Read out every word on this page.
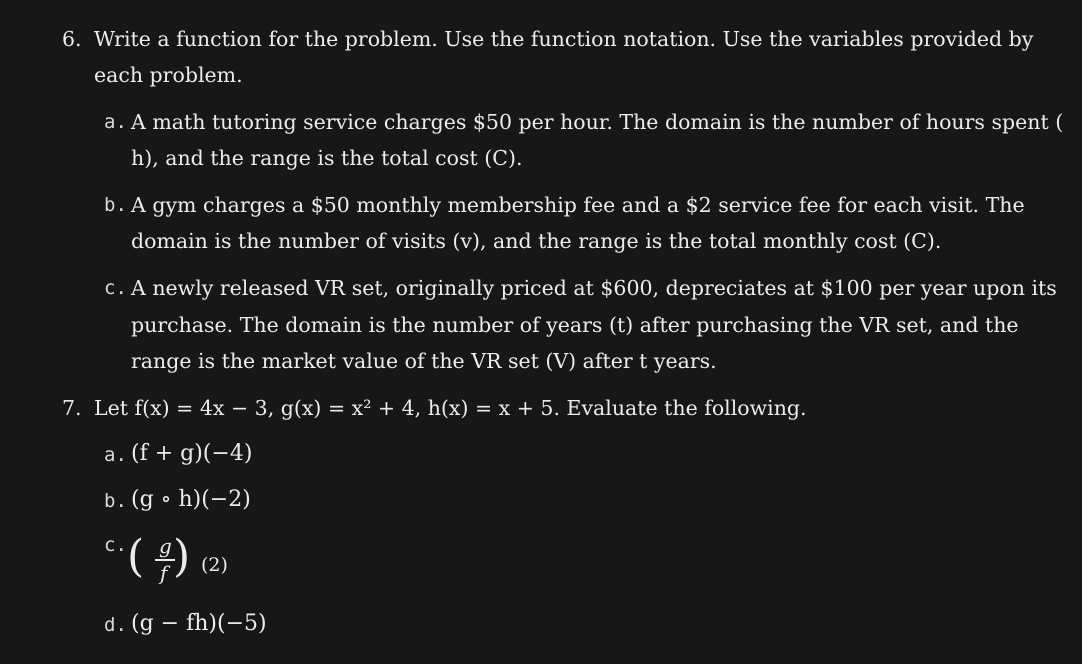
6. Write a function for the problem. Use the function notation. Use the variables provided by
each problem.
a. A math tutoring service charges $50 per hour. The domain is the number of hours spent (
h), and the range is the total cost (C).
b. A gym charges a $50 monthly membership fee and a $2 service fee for each visit. The
domain is the number of visits (v), and the range is the total monthly cost (C).
c. A newly released VR set, originally priced at $600, depreciates at $100 per year upon its
purchase. The domain is the number of years (t) after purchasing the VR set, and the
range is the market value of the VR set (V) after t years.
7. Let f(x) = 4x − 3, g(x) = x² + 4, h(x) = x + 5. Evaluate the following.
a. (f + g)(−4)
b. (g ∘ h)(−2)
c. ( g
f ) (2)
d. (g − fh)(−5)
